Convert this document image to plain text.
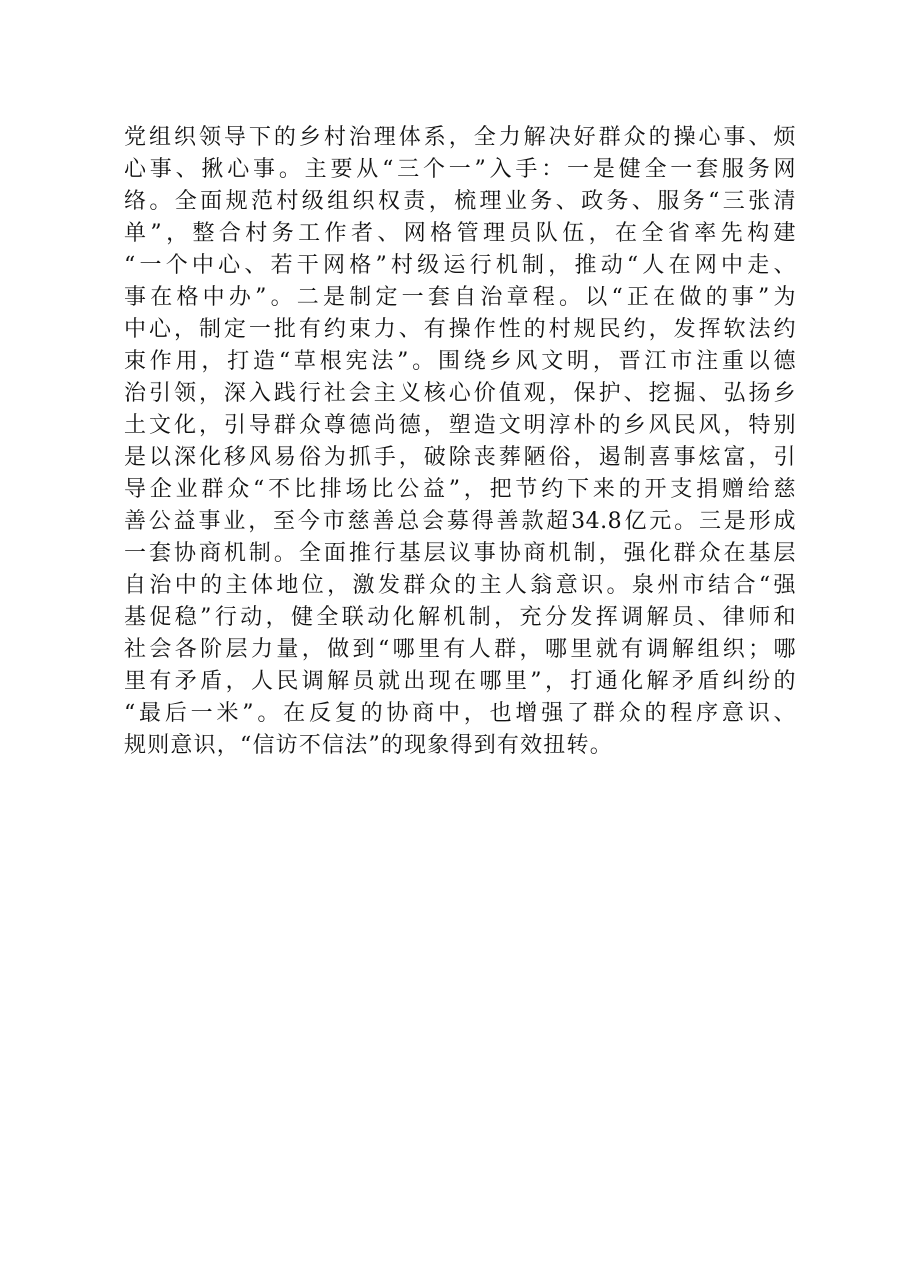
党组织领导下的乡村治理体系，全力解决好群众的操心事、烦
心事、揪心事。主要从“三个一”入手：一是健全一套服务网
络。全面规范村级组织权责，梳理业务、政务、服务“三张清
单”，整合村务工作者、网格管理员队伍，在全省率先构建
“一个中心、若干网格”村级运行机制，推动“人在网中走、
事在格中办”。二是制定一套自治章程。以“正在做的事”为
中心，制定一批有约束力、有操作性的村规民约，发挥软法约
束作用，打造“草根宪法”。围绕乡风文明，晋江市注重以德
治引领，深入践行社会主义核心价值观，保护、挖掘、弘扬乡
土文化，引导群众尊德尚德，塑造文明淳朴的乡风民风，特别
是以深化移风易俗为抓手，破除丧葬陋俗，遏制喜事炫富，引
导企业群众“不比排场比公益”，把节约下来的开支捐赠给慈
善公益事业，至今市慈善总会募得善款超34.8亿元。三是形成
一套协商机制。全面推行基层议事协商机制，强化群众在基层
自治中的主体地位，激发群众的主人翁意识。泉州市结合“强
基促稳”行动，健全联动化解机制，充分发挥调解员、律师和
社会各阶层力量，做到“哪里有人群，哪里就有调解组织；哪
里有矛盾，人民调解员就出现在哪里”，打通化解矛盾纠纷的
“最后一米”。在反复的协商中，也增强了群众的程序意识、
规则意识，“信访不信法”的现象得到有效扭转。
